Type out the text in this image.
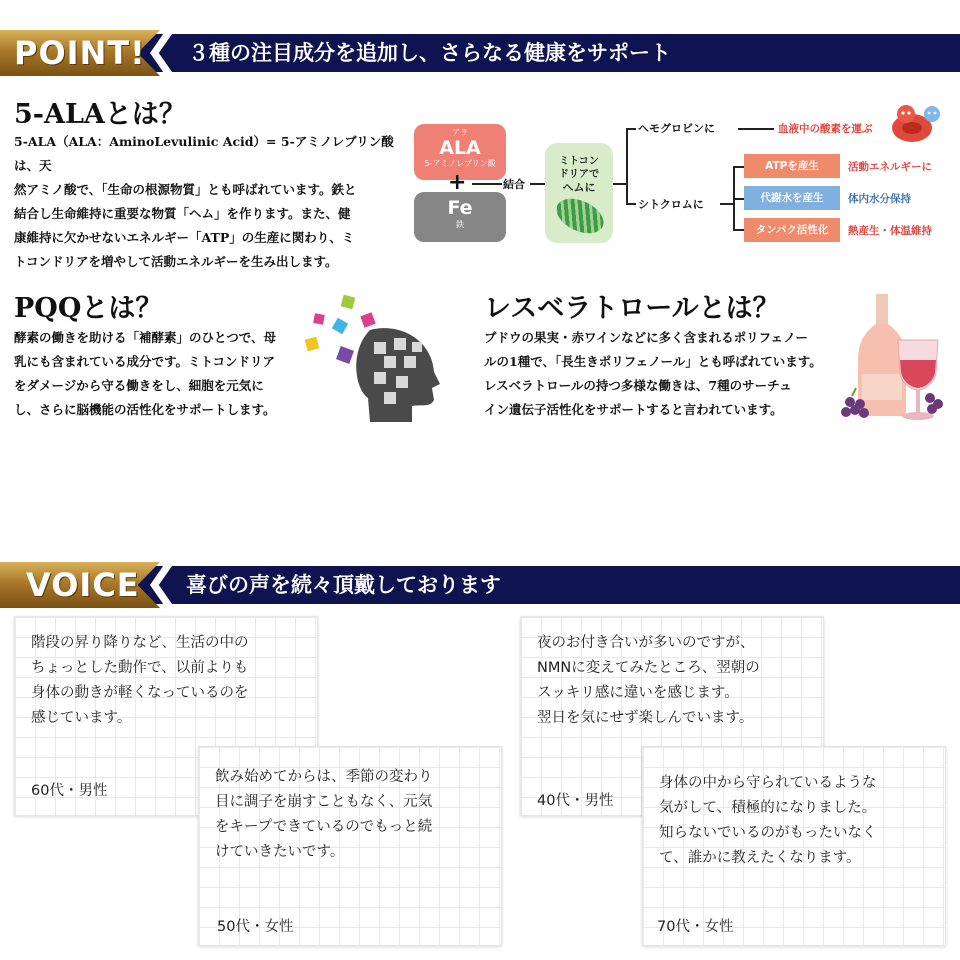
POINT! ３種の注目成分を追加し、さらなる健康をサポート
5-ALAとは？
5-ALA（ALA：AminoLevulinic Acid）= 5-アミノレブリン酸は、天
然アミノ酸で、「生命の根源物質」とも呼ばれています。鉄と
結合し生命維持に重要な物質「ヘム」を作ります。また、健
康維持に欠かせないエネルギー「ATP」の生産に関わり、ミ
トコンドリアを増やして活動エネルギーを生み出します。
アラ
ALA
5-アミノレブリン酸
Fe
鉄
+	結合
ミトコン
ドリアで
ヘムに
ヘモグロビンに	血液中の酸素を運ぶ
シトクロムに
ATPを産生
代謝水を産生
タンパク活性化
活動エネルギーに
体内水分保持
熱産生・体温維持
PQQとは？
酵素の働きを助ける「補酵素」のひとつで、母
乳にも含まれている成分です。ミトコンドリア
をダメージから守る働きをし、細胞を元気に
し、さらに脳機能の活性化をサポートします。
レスベラトロールとは？
ブドウの果実・赤ワインなどに多く含まれるポリフェノー
ルの1種で、「長生きポリフェノール」とも呼ばれています。
レスベラトロールの持つ多様な働きは、7種のサーチュ
イン遺伝子活性化をサポートすると言われています。
VOICE 喜びの声を続々頂戴しております
階段の昇り降りなど、生活の中の
ちょっとした動作で、以前よりも
身体の動きが軽くなっているのを
感じています。
60代・男性
飲み始めてからは、季節の変わり
目に調子を崩すこともなく、元気
をキープできているのでもっと続
けていきたいです。
50代・女性
夜のお付き合いが多いのですが、
NMNに変えてみたところ、翌朝の
スッキリ感に違いを感じます。
翌日を気にせず楽しんでいます。
40代・男性
身体の中から守られているような
気がして、積極的になりました。
知らないでいるのがもったいなく
て、誰かに教えたくなります。
70代・女性
